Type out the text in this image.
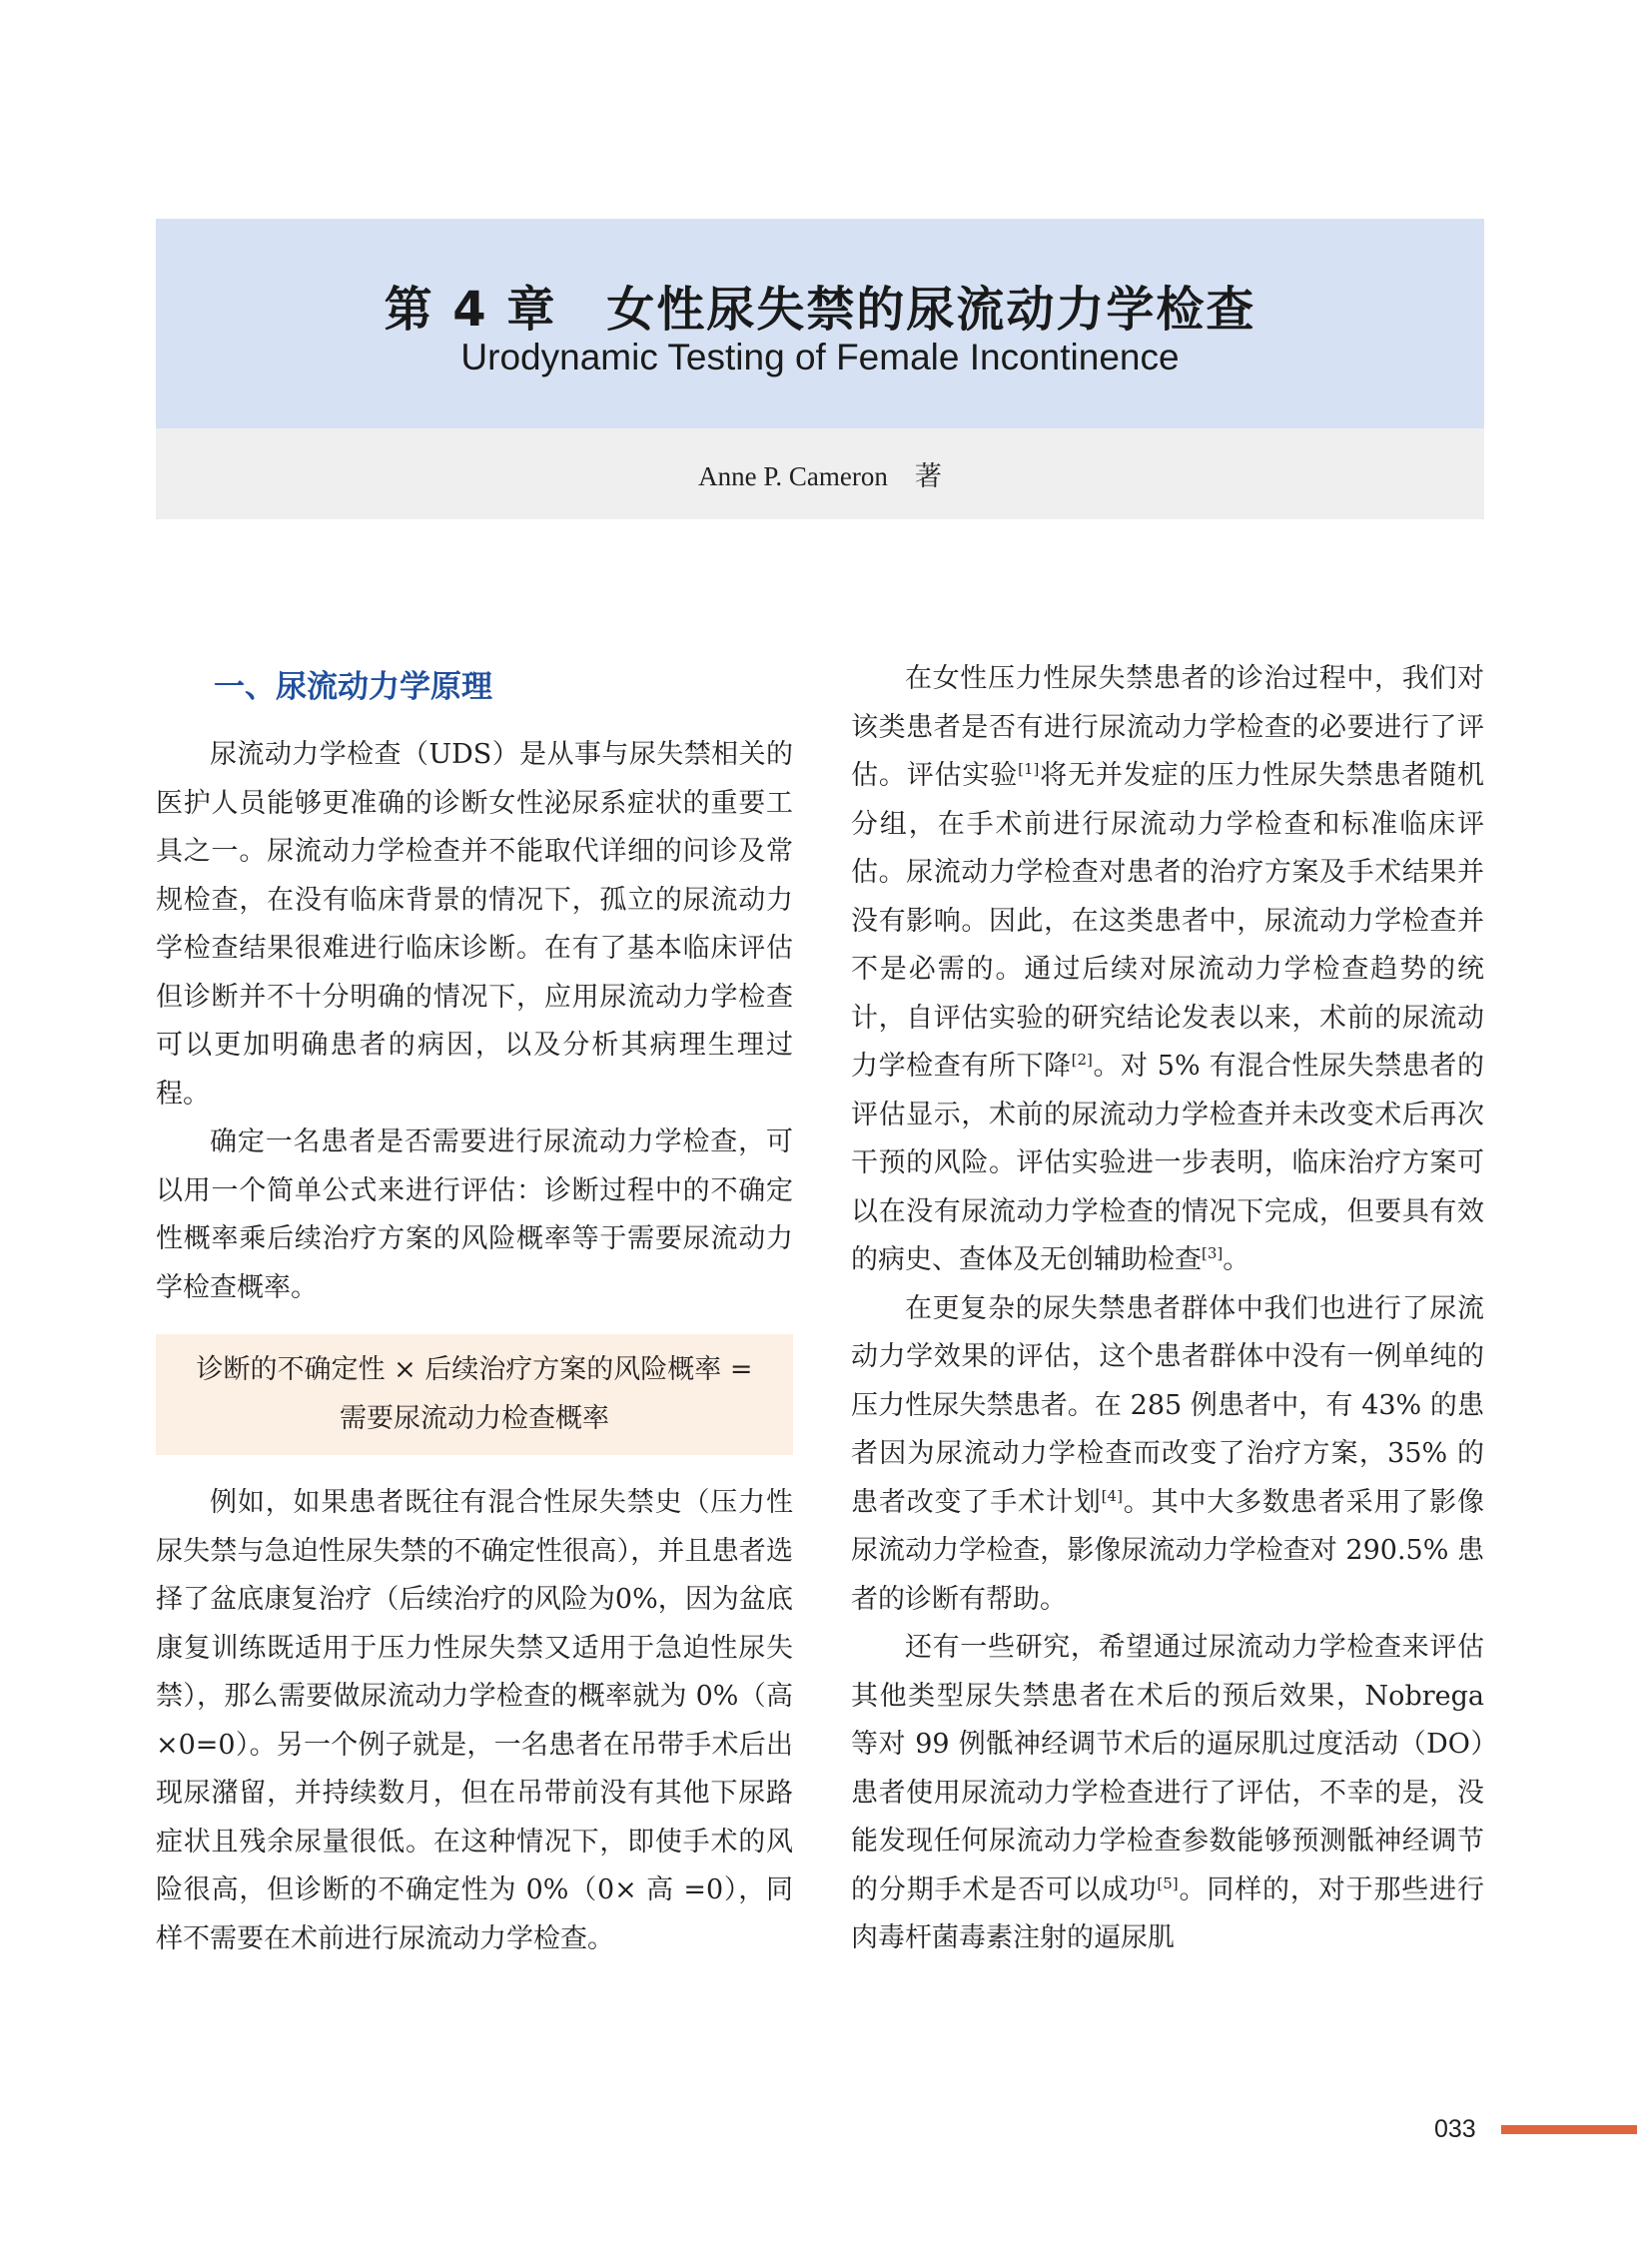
第 4 章　女性尿失禁的尿流动力学检查
Urodynamic Testing of Female Incontinence
Anne P. Cameron　著
一、尿流动力学原理

尿流动力学检查（UDS）是从事与尿失禁相关的医护人员能够更准确的诊断女性泌尿系症状的重要工具之一。尿流动力学检查并不能取代详细的问诊及常规检查，在没有临床背景的情况下，孤立的尿流动力学检查结果很难进行临床诊断。在有了基本临床评估但诊断并不十分明确的情况下，应用尿流动力学检查可以更加明确患者的病因，以及分析其病理生理过程。

确定一名患者是否需要进行尿流动力学检查，可以用一个简单公式来进行评估：诊断过程中的不确定性概率乘后续治疗方案的风险概率等于需要尿流动力学检查概率。

诊断的不确定性 × 后续治疗方案的风险概率 =
需要尿流动力检查概率

例如，如果患者既往有混合性尿失禁史（压力性尿失禁与急迫性尿失禁的不确定性很高），并且患者选择了盆底康复治疗（后续治疗的风险为0%，因为盆底康复训练既适用于压力性尿失禁又适用于急迫性尿失禁），那么需要做尿流动力学检查的概率就为 0%（高 ×0=0）。另一个例子就是，一名患者在吊带手术后出现尿潴留，并持续数月，但在吊带前没有其他下尿路症状且残余尿量很低。在这种情况下，即使手术的风险很高，但诊断的不确定性为 0%（0× 高 =0），同样不需要在术前进行尿流动力学检查。

在女性压力性尿失禁患者的诊治过程中，我们对该类患者是否有进行尿流动力学检查的必要进行了评估。评估实验[1]将无并发症的压力性尿失禁患者随机分组，在手术前进行尿流动力学检查和标准临床评估。尿流动力学检查对患者的治疗方案及手术结果并没有影响。因此，在这类患者中，尿流动力学检查并不是必需的。通过后续对尿流动力学检查趋势的统计，自评估实验的研究结论发表以来，术前的尿流动力学检查有所下降[2]。对 5% 有混合性尿失禁患者的评估显示，术前的尿流动力学检查并未改变术后再次干预的风险。评估实验进一步表明，临床治疗方案可以在没有尿流动力学检查的情况下完成，但要具有效的病史、查体及无创辅助检查[3]。

在更复杂的尿失禁患者群体中我们也进行了尿流动力学效果的评估，这个患者群体中没有一例单纯的压力性尿失禁患者。在 285 例患者中，有 43% 的患者因为尿流动力学检查而改变了治疗方案，35% 的患者改变了手术计划[4]。其中大多数患者采用了影像尿流动力学检查，影像尿流动力学检查对 290.5% 患者的诊断有帮助。

还有一些研究，希望通过尿流动力学检查来评估其他类型尿失禁患者在术后的预后效果，Nobrega 等对 99 例骶神经调节术后的逼尿肌过度活动（DO）患者使用尿流动力学检查进行了评估，不幸的是，没能发现任何尿流动力学检查参数能够预测骶神经调节的分期手术是否可以成功[5]。同样的，对于那些进行肉毒杆菌毒素注射的逼尿肌

033
